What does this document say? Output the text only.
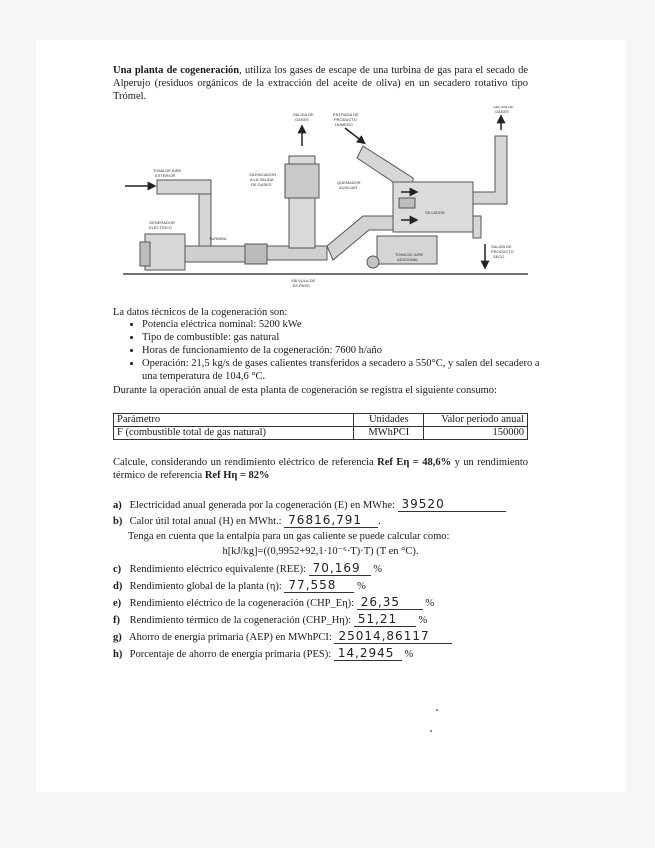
Una planta de cogeneración, utiliza los gases de escape de una turbina de gas para el secado de Alperujo (residuos orgánicos de la extracción del aceite de oliva) en un secadero rotativo tipo Trómel.
SALIDA DE GASES
ENTRADA DE PRODUCTO HUMEDO
SALIDA DE GASES
TOMA DE AIRE EXTERIOR	SILENCIADOR A LA SALIDA DE GASES	QUEMADOR AUXILIAR
GENERADOR ELÉCTRICO
TURBINA
SECADOR
TOMA DE AIRE ADICIONAL
SALIDA DE PRODUCTO SECO
VÁLVULA DE BY-PASS
La datos técnicos de la cogeneración son:
• Potencia eléctrica nominal: 5200 kWe
• Tipo de combustible: gas natural
• Horas de funcionamiento de la cogeneración: 7600 h/año
• Operación: 21,5 kg/s de gases calientes transferidos a secadero a 550°C, y salen del secadero a una temperatura de 104,6 °C.
Durante la operación anual de esta planta de cogeneración se registra el siguiente consumo:
Parámetro	Unidades	Valor periodo anual
F (combustible total de gas natural)	MWhPCI	150000
Calcule, considerando un rendimiento eléctrico de referencia Ref Eη = 48,6% y un rendimiento térmico de referencia Ref Hη = 82%
a) Electricidad anual generada por la cogeneración (E) en MWhe: 39520
b) Calor útil total anual (H) en MWht.: 76816,791 .
Tenga en cuenta que la entalpía para un gas caliente se puede calcular como:
h[kJ/kg]=((0,9952+92,1·10⁻⁶·T)·T) (T en °C).
c) Rendimiento eléctrico equivalente (REE): 70,169 %
d) Rendimiento global de la planta (η): 77,558 %
e) Rendimiento eléctrico de la cogeneración (CHP_Eη): 26,35 %
f) Rendimiento térmico de la cogeneración (CHP_Hη): 51,21 %
g) Ahorro de energía primaria (AEP) en MWhPCI: 25014,86117
h) Porcentaje de ahorro de energía primaria (PES): 14,2945 %
